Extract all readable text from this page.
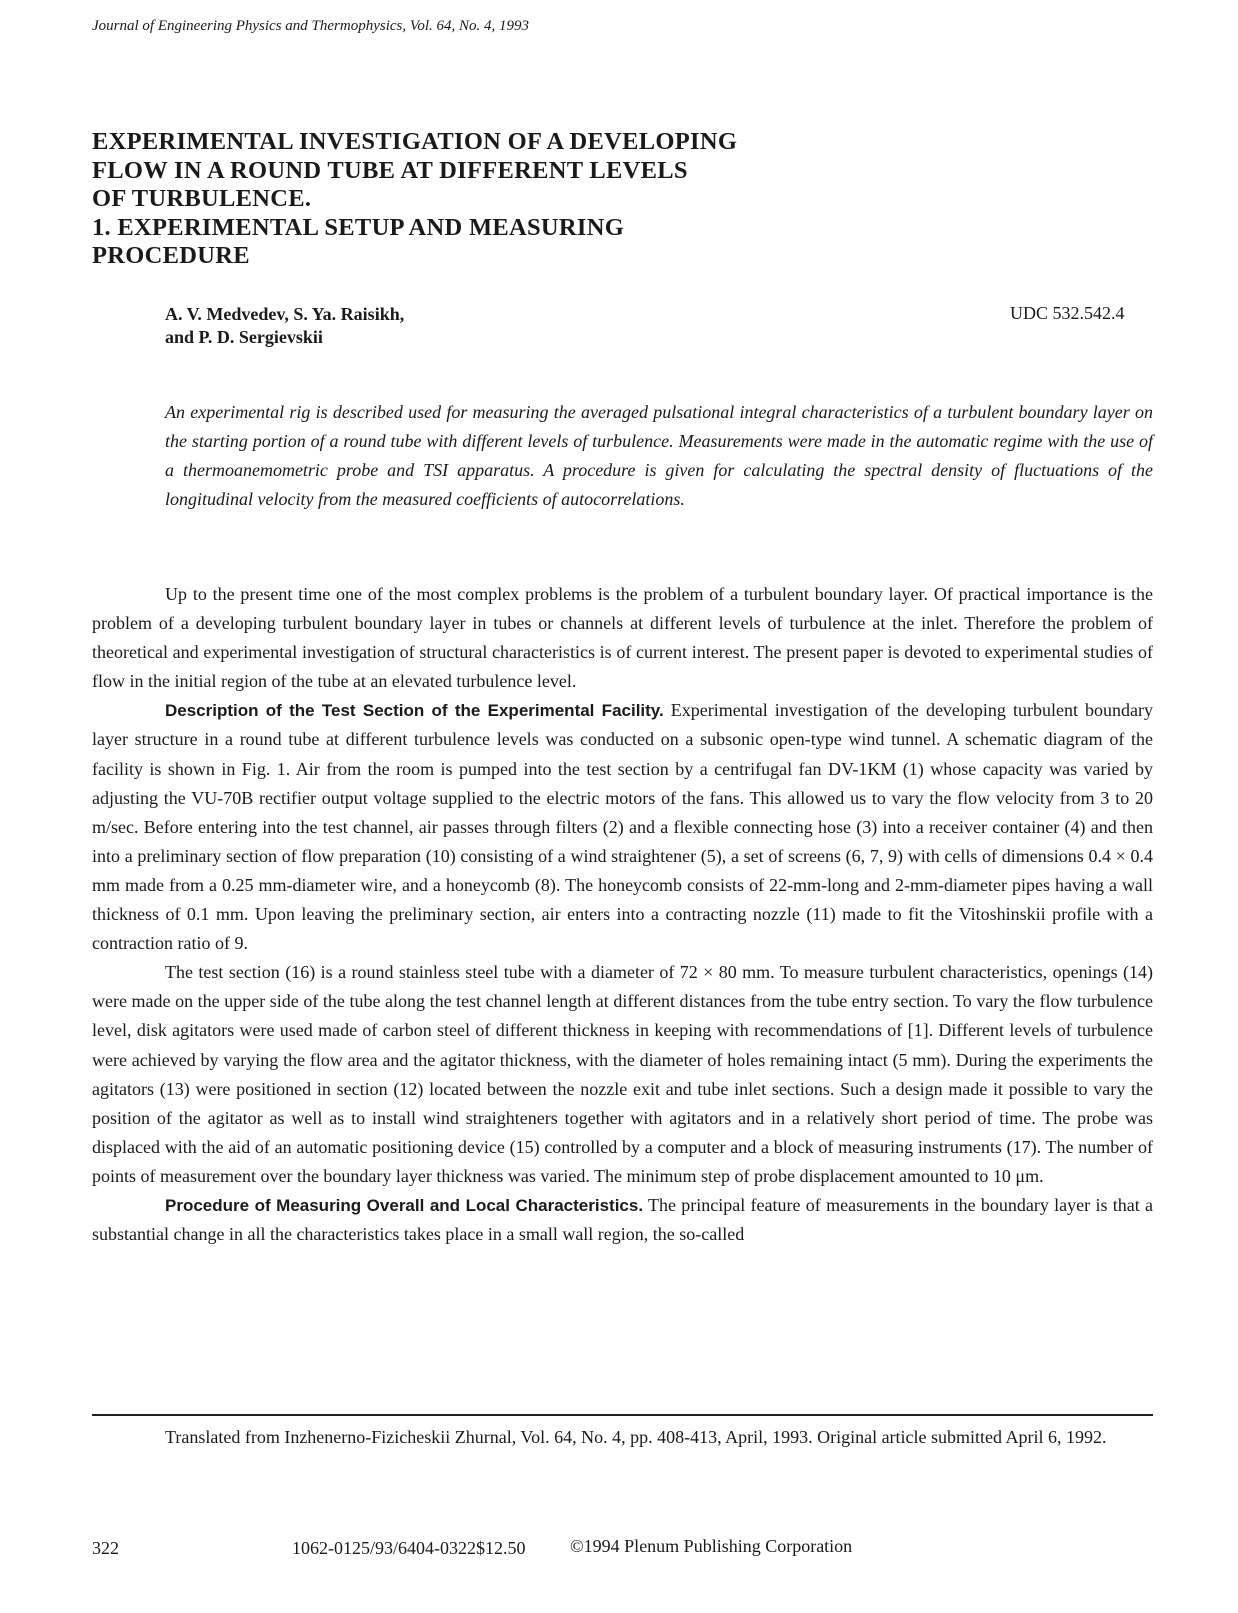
Journal of Engineering Physics and Thermophysics, Vol. 64, No. 4, 1993
EXPERIMENTAL INVESTIGATION OF A DEVELOPING
FLOW IN A ROUND TUBE AT DIFFERENT LEVELS
OF TURBULENCE.
1. EXPERIMENTAL SETUP AND MEASURING
PROCEDURE
A. V. Medvedev, S. Ya. Raisikh,
and P. D. Sergievskii
UDC 532.542.4
An experimental rig is described used for measuring the averaged pulsational integral characteristics of a turbulent boundary layer on the starting portion of a round tube with different levels of turbulence. Measurements were made in the automatic regime with the use of a thermoanemometric probe and TSI apparatus. A procedure is given for calculating the spectral density of fluctuations of the longitudinal velocity from the measured coefficients of autocorrelations.

Up to the present time one of the most complex problems is the problem of a turbulent boundary layer. Of practical importance is the problem of a developing turbulent boundary layer in tubes or channels at different levels of turbulence at the inlet. Therefore the problem of theoretical and experimental investigation of structural characteristics is of current interest. The present paper is devoted to experimental studies of flow in the initial region of the tube at an elevated turbulence level.

Description of the Test Section of the Experimental Facility. Experimental investigation of the developing turbulent boundary layer structure in a round tube at different turbulence levels was conducted on a subsonic open-type wind tunnel. A schematic diagram of the facility is shown in Fig. 1. Air from the room is pumped into the test section by a centrifugal fan DV-1KM (1) whose capacity was varied by adjusting the VU-70B rectifier output voltage supplied to the electric motors of the fans. This allowed us to vary the flow velocity from 3 to 20 m/sec. Before entering into the test channel, air passes through filters (2) and a flexible connecting hose (3) into a receiver container (4) and then into a preliminary section of flow preparation (10) consisting of a wind straightener (5), a set of screens (6, 7, 9) with cells of dimensions 0.4 × 0.4 mm made from a 0.25 mm-diameter wire, and a honeycomb (8). The honeycomb consists of 22-mm-long and 2-mm-diameter pipes having a wall thickness of 0.1 mm. Upon leaving the preliminary section, air enters into a contracting nozzle (11) made to fit the Vitoshinskii profile with a contraction ratio of 9.

The test section (16) is a round stainless steel tube with a diameter of 72 × 80 mm. To measure turbulent characteristics, openings (14) were made on the upper side of the tube along the test channel length at different distances from the tube entry section. To vary the flow turbulence level, disk agitators were used made of carbon steel of different thickness in keeping with recommendations of [1]. Different levels of turbulence were achieved by varying the flow area and the agitator thickness, with the diameter of holes remaining intact (5 mm). During the experiments the agitators (13) were positioned in section (12) located between the nozzle exit and tube inlet sections. Such a design made it possible to vary the position of the agitator as well as to install wind straighteners together with agitators and in a relatively short period of time. The probe was displaced with the aid of an automatic positioning device (15) controlled by a computer and a block of measuring instruments (17). The number of points of measurement over the boundary layer thickness was varied. The minimum step of probe displacement amounted to 10 μm.

Procedure of Measuring Overall and Local Characteristics. The principal feature of measurements in the boundary layer is that a substantial change in all the characteristics takes place in a small wall region, the so-called

Translated from Inzhenerno-Fizicheskii Zhurnal, Vol. 64, No. 4, pp. 408-413, April, 1993. Original article submitted April 6, 1992.
322	1062-0125/93/6404-0322$12.50 ©1994 Plenum Publishing Corporation
